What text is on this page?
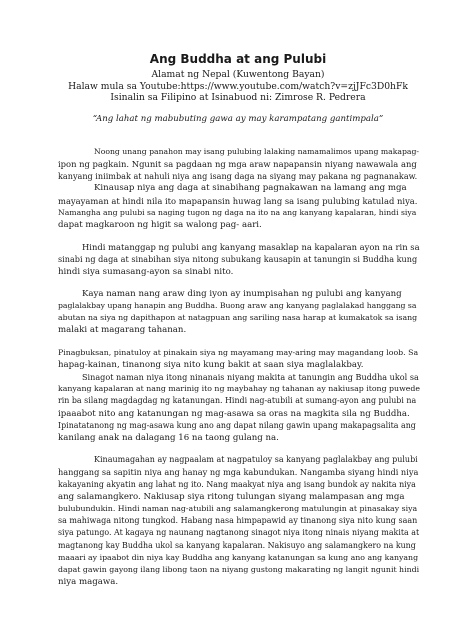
Ang Buddha at ang Pulubi

Alamat ng Nepal (Kuwentong Bayan)

Halaw mula sa Youtube:https://www.youtube.com/watch?v=zjJFc3D0hFk

Isinalin sa Filipino at Isinabuod ni: Zimrose R. Pedrera

“Ang lahat ng mabubuting gawa ay may karampatang gantimpala”

Noong unang panahon may isang pulubing lalaking namamalimos upang makapag-
ipon ng pagkain. Ngunit sa pagdaan ng mga araw napapansin niyang nawawala ang
kanyang iniimbak at nahuli niya ang isang daga na siyang may pakana ng pagnanakaw.
Kinausap niya ang daga at sinabihang pagnakawan na lamang ang mga
mayayaman at hindi nila ito mapapansin huwag lang sa isang pulubing katulad niya.
Namangha ang pulubi sa naging tugon ng daga na ito na ang kanyang kapalaran, hindi siya
dapat magkaroon ng higit sa walong pag- aari.
Hindi matanggap ng pulubi ang kanyang masaklap na kapalaran ayon na rin sa
sinabi ng daga at sinabihan siya nitong subukang kausapin at tanungin si Buddha kung
hindi siya sumasang-ayon sa sinabi nito.
Kaya naman nang araw ding iyon ay inumpisahan ng pulubi ang kanyang
paglalakbay upang hanapin ang Buddha. Buong araw ang kanyang paglalakad hanggang sa
abutan na siya ng dapithapon at natagpuan ang sariling nasa harap at kumakatok sa isang
malaki at magarang tahanan.
Pinagbuksan, pinatuloy at pinakain siya ng mayamang may-aring may magandang loob. Sa
hapag-kainan, tinanong siya nito kung bakit at saan siya maglalakbay.
Sinagot naman niya itong ninanais niyang makita at tanungin ang Buddha ukol sa
kanyang kapalaran at nang marinig ito ng maybahay ng tahanan ay nakiusap itong puwede
rin ba silang magdagdag ng katanungan. Hindi nag-atubili at sumang-ayon ang pulubi na
ipaaabot nito ang katanungan ng mag-asawa sa oras na magkita sila ng Buddha.
Ipinatatanong ng mag-asawa kung ano ang dapat nilang gawin upang makapagsalita ang
kanilang anak na dalagang 16 na taong gulang na.
Kinaumagahan ay nagpaalam at nagpatuloy sa kanyang paglalakbay ang pulubi
hanggang sa sapitin niya ang hanay ng mga kabundukan. Nangamba siyang hindi niya
kakayaning akyatin ang lahat ng ito. Nang maakyat niya ang isang bundok ay nakita niya
ang salamangkero. Nakiusap siya ritong tulungan siyang malampasan ang mga
bulubundukin. Hindi naman nag-atubili ang salamangkerong matulungin at pinasakay siya
sa mahiwaga nitong tungkod. Habang nasa himpapawid ay tinanong siya nito kung saan
siya patungo. At kagaya ng naunang nagtanong sinagot niya itong ninais niyang makita at
magtanong kay Buddha ukol sa kanyang kapalaran. Nakisuyo ang salamangkero na kung
maaari ay ipaabot din niya kay Buddha ang kanyang katanungan sa kung ano ang kanyang
dapat gawin gayong ilang libong taon na niyang gustong makarating ng langit ngunit hindi
niya magawa.
